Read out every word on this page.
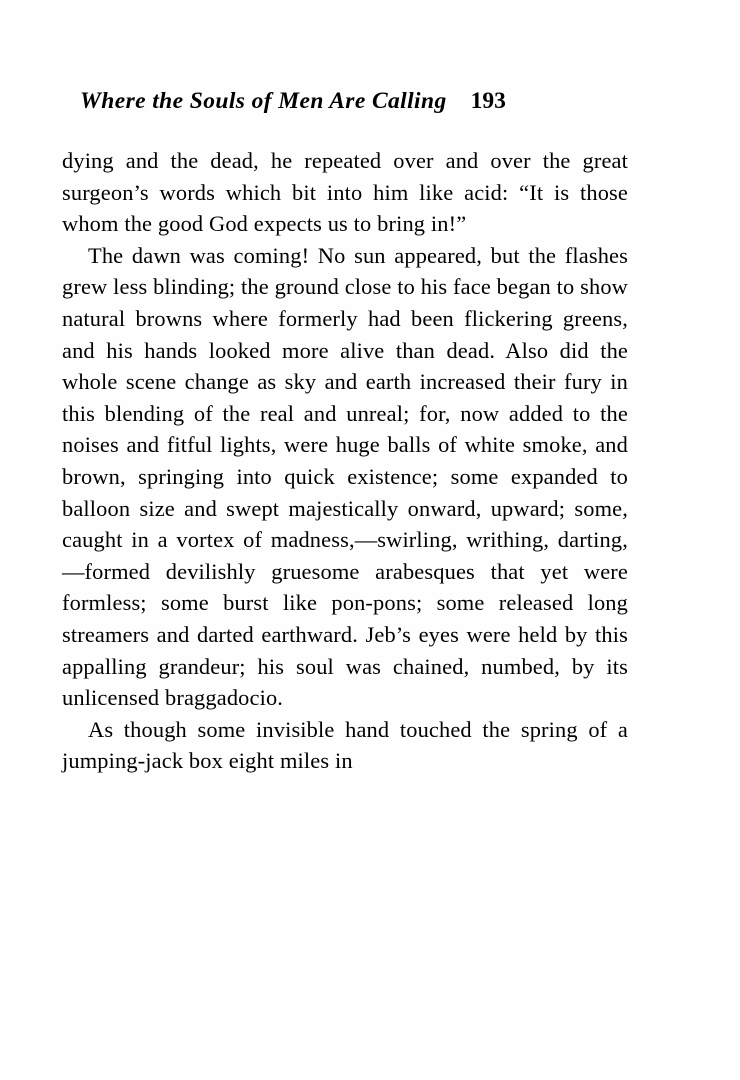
Where the Souls of Men Are Calling 193

dying and the dead, he repeated over and over the great surgeon’s words which bit into him like acid: “It is those whom the good God expects us to bring in!”

The dawn was coming! No sun appeared, but the flashes grew less blinding; the ground close to his face began to show natural browns where formerly had been flickering greens, and his hands looked more alive than dead. Also did the whole scene change as sky and earth increased their fury in this blending of the real and unreal; for, now added to the noises and fitful lights, were huge balls of white smoke, and brown, springing into quick existence; some expanded to balloon size and swept majestically onward, upward; some, caught in a vortex of madness,—swirling, writhing, darting,—formed devilishly gruesome arabesques that yet were formless; some burst like pon-pons; some released long streamers and darted earthward. Jeb’s eyes were held by this appalling grandeur; his soul was chained, numbed, by its unlicensed braggadocio.

As though some invisible hand touched the spring of a jumping-jack box eight miles in
